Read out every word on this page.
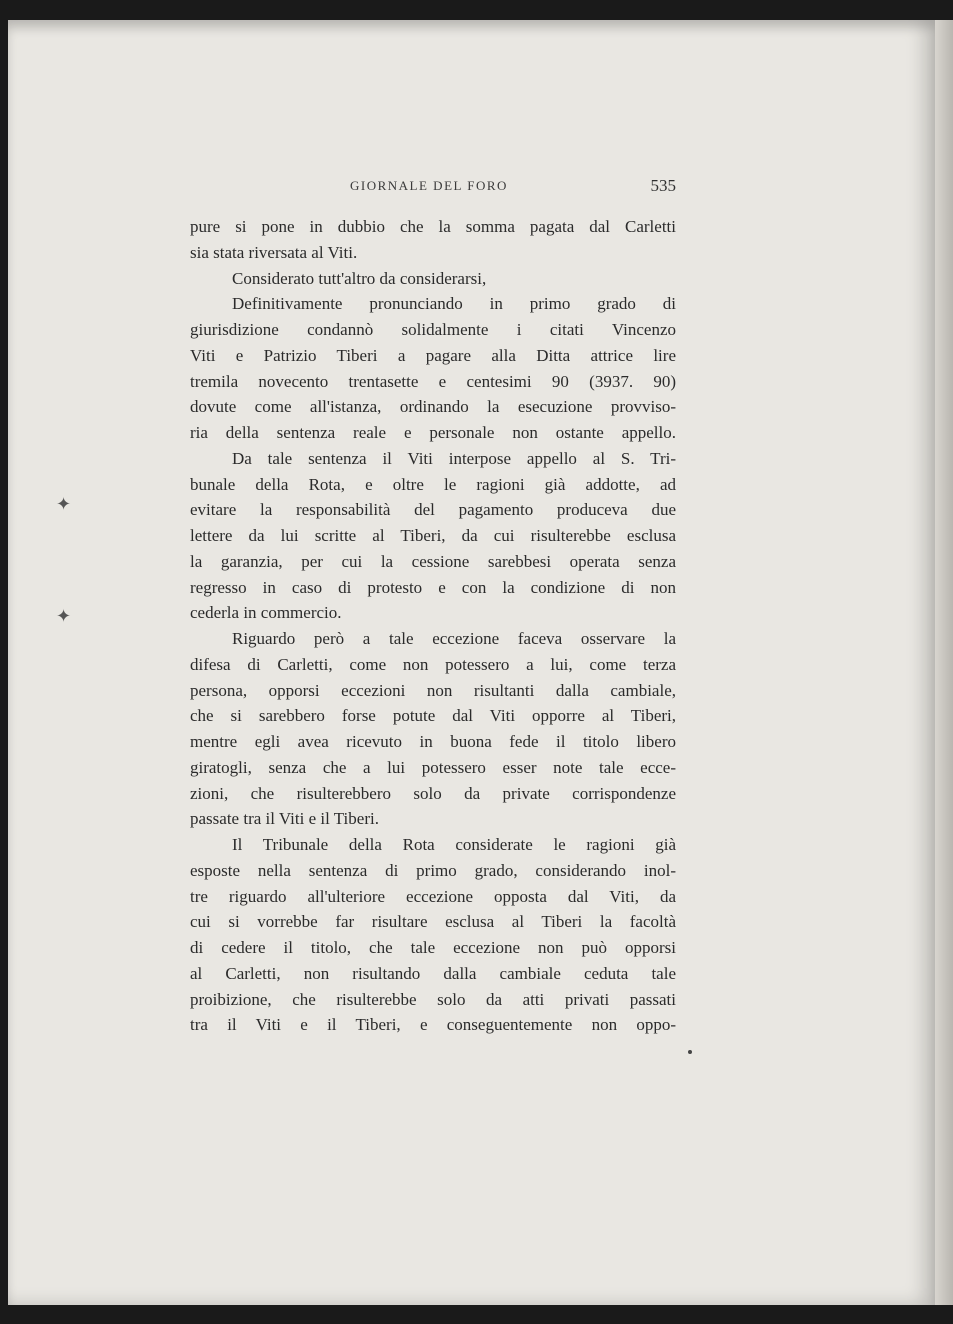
✦
✦
GIORNALE DEL FORO	535
pure si pone in dubbio che la somma pagata dal Carletti
sia stata riversata al Viti.
Considerato tutt'altro da considerarsi,
Definitivamente pronunciando in primo grado di
giurisdizione condannò solidalmente i citati Vincenzo
Viti e Patrizio Tiberi a pagare alla Ditta attrice lire
tremila novecento trentasette e centesimi 90 (3937. 90)
dovute come all'istanza, ordinando la esecuzione provviso-
ria della sentenza reale e personale non ostante appello.
Da tale sentenza il Viti interpose appello al S. Tri-
bunale della Rota, e oltre le ragioni già addotte, ad
evitare la responsabilità del pagamento produceva due
lettere da lui scritte al Tiberi, da cui risulterebbe esclusa
la garanzia, per cui la cessione sarebbesi operata senza
regresso in caso di protesto e con la condizione di non
cederla in commercio.
Riguardo però a tale eccezione faceva osservare la
difesa di Carletti, come non potessero a lui, come terza
persona, opporsi eccezioni non risultanti dalla cambiale,
che si sarebbero forse potute dal Viti opporre al Tiberi,
mentre egli avea ricevuto in buona fede il titolo libero
giratogli, senza che a lui potessero esser note tale ecce-
zioni, che risulterebbero solo da private corrispondenze
passate tra il Viti e il Tiberi.
Il Tribunale della Rota considerate le ragioni già
esposte nella sentenza di primo grado, considerando inol-
tre riguardo all'ulteriore eccezione opposta dal Viti, da
cui si vorrebbe far risultare esclusa al Tiberi la facoltà
di cedere il titolo, che tale eccezione non può opporsi
al Carletti, non risultando dalla cambiale ceduta tale
proibizione, che risulterebbe solo da atti privati passati
tra il Viti e il Tiberi, e conseguentemente non oppo-
